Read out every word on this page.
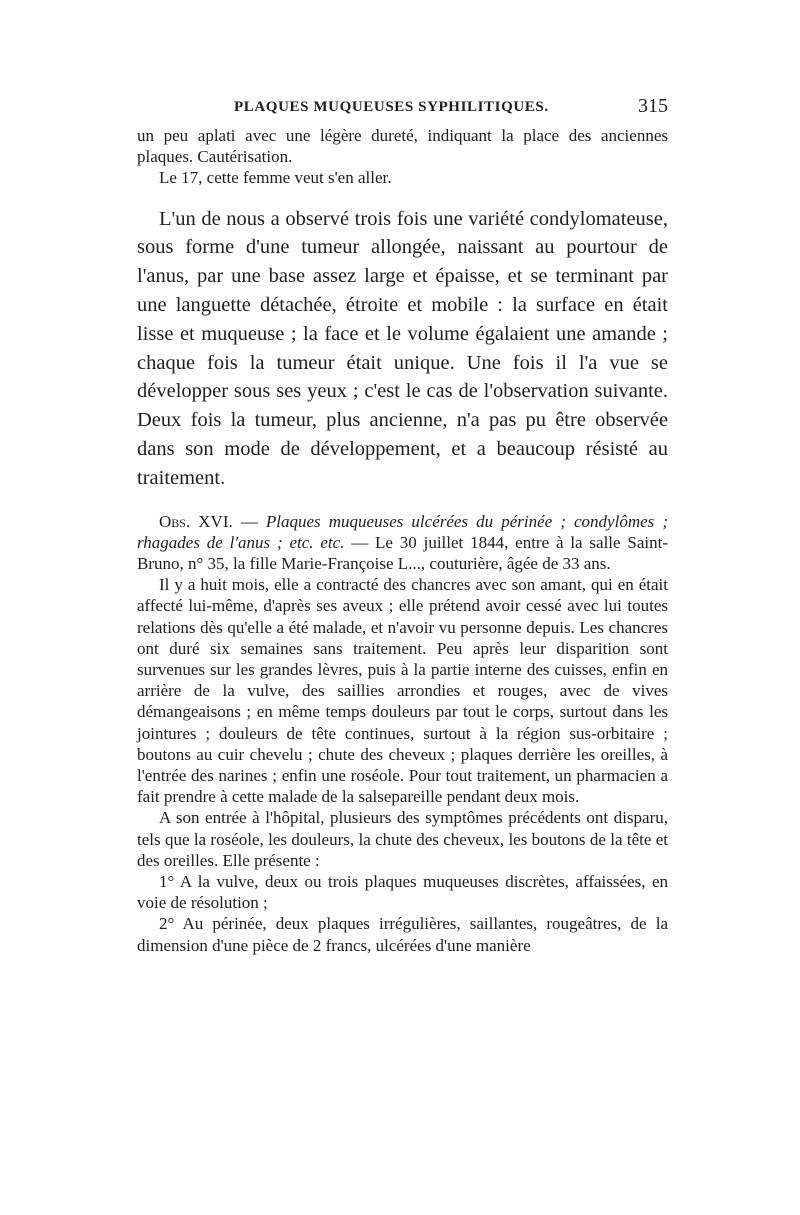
PLAQUES MUQUEUSES SYPHILITIQUES.	315

un peu aplati avec une légère dureté, indiquant la place des anciennes plaques. Cautérisation.

Le 17, cette femme veut s'en aller.

L'un de nous a observé trois fois une variété condylomateuse, sous forme d'une tumeur allongée, naissant au pourtour de l'anus, par une base assez large et épaisse, et se terminant par une languette détachée, étroite et mobile : la surface en était lisse et muqueuse ; la face et le volume égalaient une amande ; chaque fois la tumeur était unique. Une fois il l'a vue se développer sous ses yeux ; c'est le cas de l'observation suivante. Deux fois la tumeur, plus ancienne, n'a pas pu être observée dans son mode de développement, et a beaucoup résisté au traitement.

Obs. XVI. — Plaques muqueuses ulcérées du périnée ; condylômes ; rhagades de l'anus ; etc. etc. — Le 30 juillet 1844, entre à la salle Saint-Bruno, n° 35, la fille Marie-Françoise L..., couturière, âgée de 33 ans.

Il y a huit mois, elle a contracté des chancres avec son amant, qui en était affecté lui-même, d'après ses aveux ; elle prétend avoir cessé avec lui toutes relations dès qu'elle a été malade, et n'avoir vu personne depuis. Les chancres ont duré six semaines sans traitement. Peu après leur disparition sont survenues sur les grandes lèvres, puis à la partie interne des cuisses, enfin en arrière de la vulve, des saillies arrondies et rouges, avec de vives démangeaisons ; en même temps douleurs par tout le corps, surtout dans les jointures ; douleurs de tête continues, surtout à la région sus-orbitaire ; boutons au cuir chevelu ; chute des cheveux ; plaques derrière les oreilles, à l'entrée des narines ; enfin une roséole. Pour tout traitement, un pharmacien a fait prendre à cette malade de la salsepareille pendant deux mois.

A son entrée à l'hôpital, plusieurs des symptômes précédents ont disparu, tels que la roséole, les douleurs, la chute des cheveux, les boutons de la tête et des oreilles. Elle présente :

1° A la vulve, deux ou trois plaques muqueuses discrètes, affaissées, en voie de résolution ;

2° Au périnée, deux plaques irrégulières, saillantes, rougeâtres, de la dimension d'une pièce de 2 francs, ulcérées d'une manière
